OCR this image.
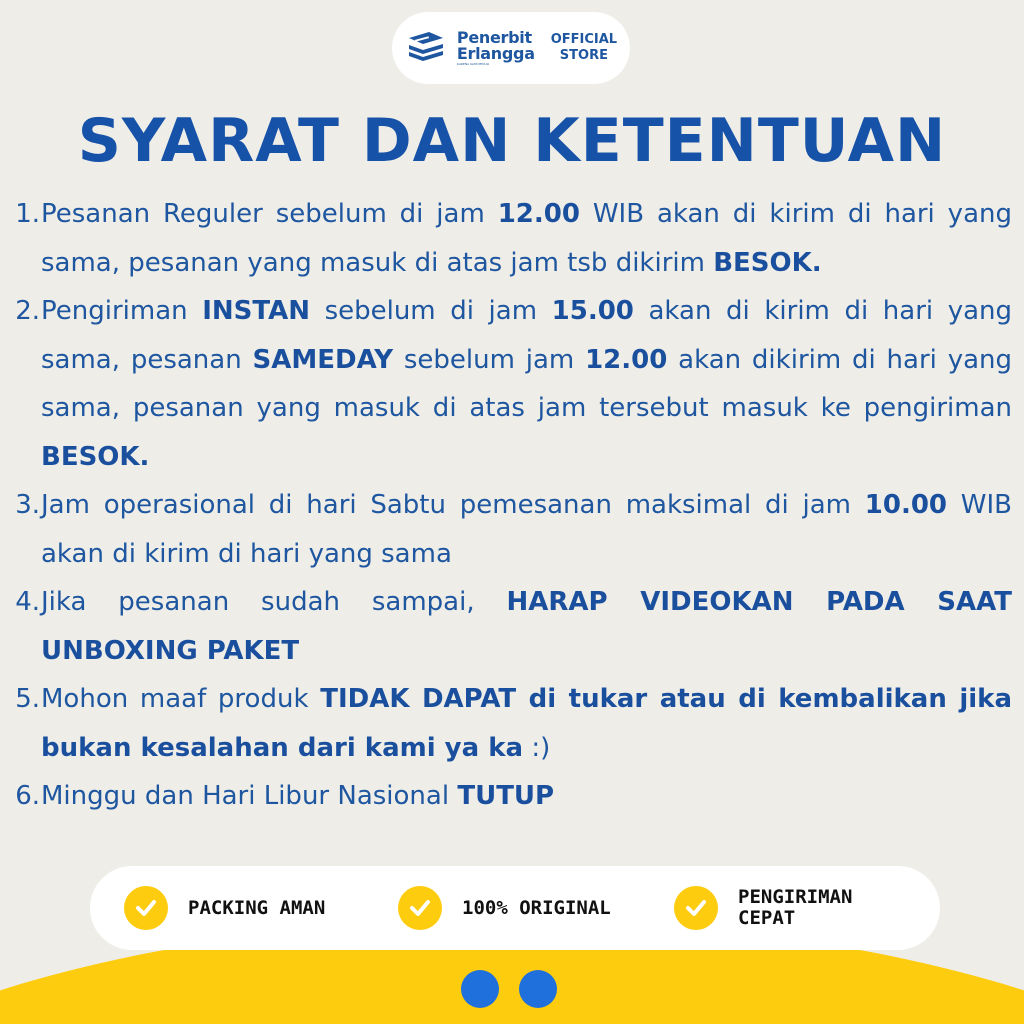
Penerbit
Erlangga
KARENA KAMI PEDULI
OFFICIAL
STORE
SYARAT DAN KETENTUAN
1. Pesanan Reguler sebelum di jam 12.00 WIB akan di kirim di hari yang sama, pesanan yang masuk di atas jam tsb dikirim BESOK.
2. Pengiriman INSTAN sebelum di jam 15.00 akan di kirim di hari yang sama, pesanan SAMEDAY sebelum jam 12.00 akan dikirim di hari yang sama, pesanan yang masuk di atas jam tersebut masuk ke pengiriman BESOK.
3. Jam operasional di hari Sabtu pemesanan maksimal di jam 10.00 WIB akan di kirim di hari yang sama
4. Jika pesanan sudah sampai, HARAP VIDEOKAN PADA SAAT UNBOXING PAKET
5. Mohon maaf produk TIDAK DAPAT di tukar atau di kembalikan jika bukan kesalahan dari kami ya ka :)
6. Minggu dan Hari Libur Nasional TUTUP
PACKING AMAN	100% ORIGINAL	PENGIRIMAN
CEPAT
